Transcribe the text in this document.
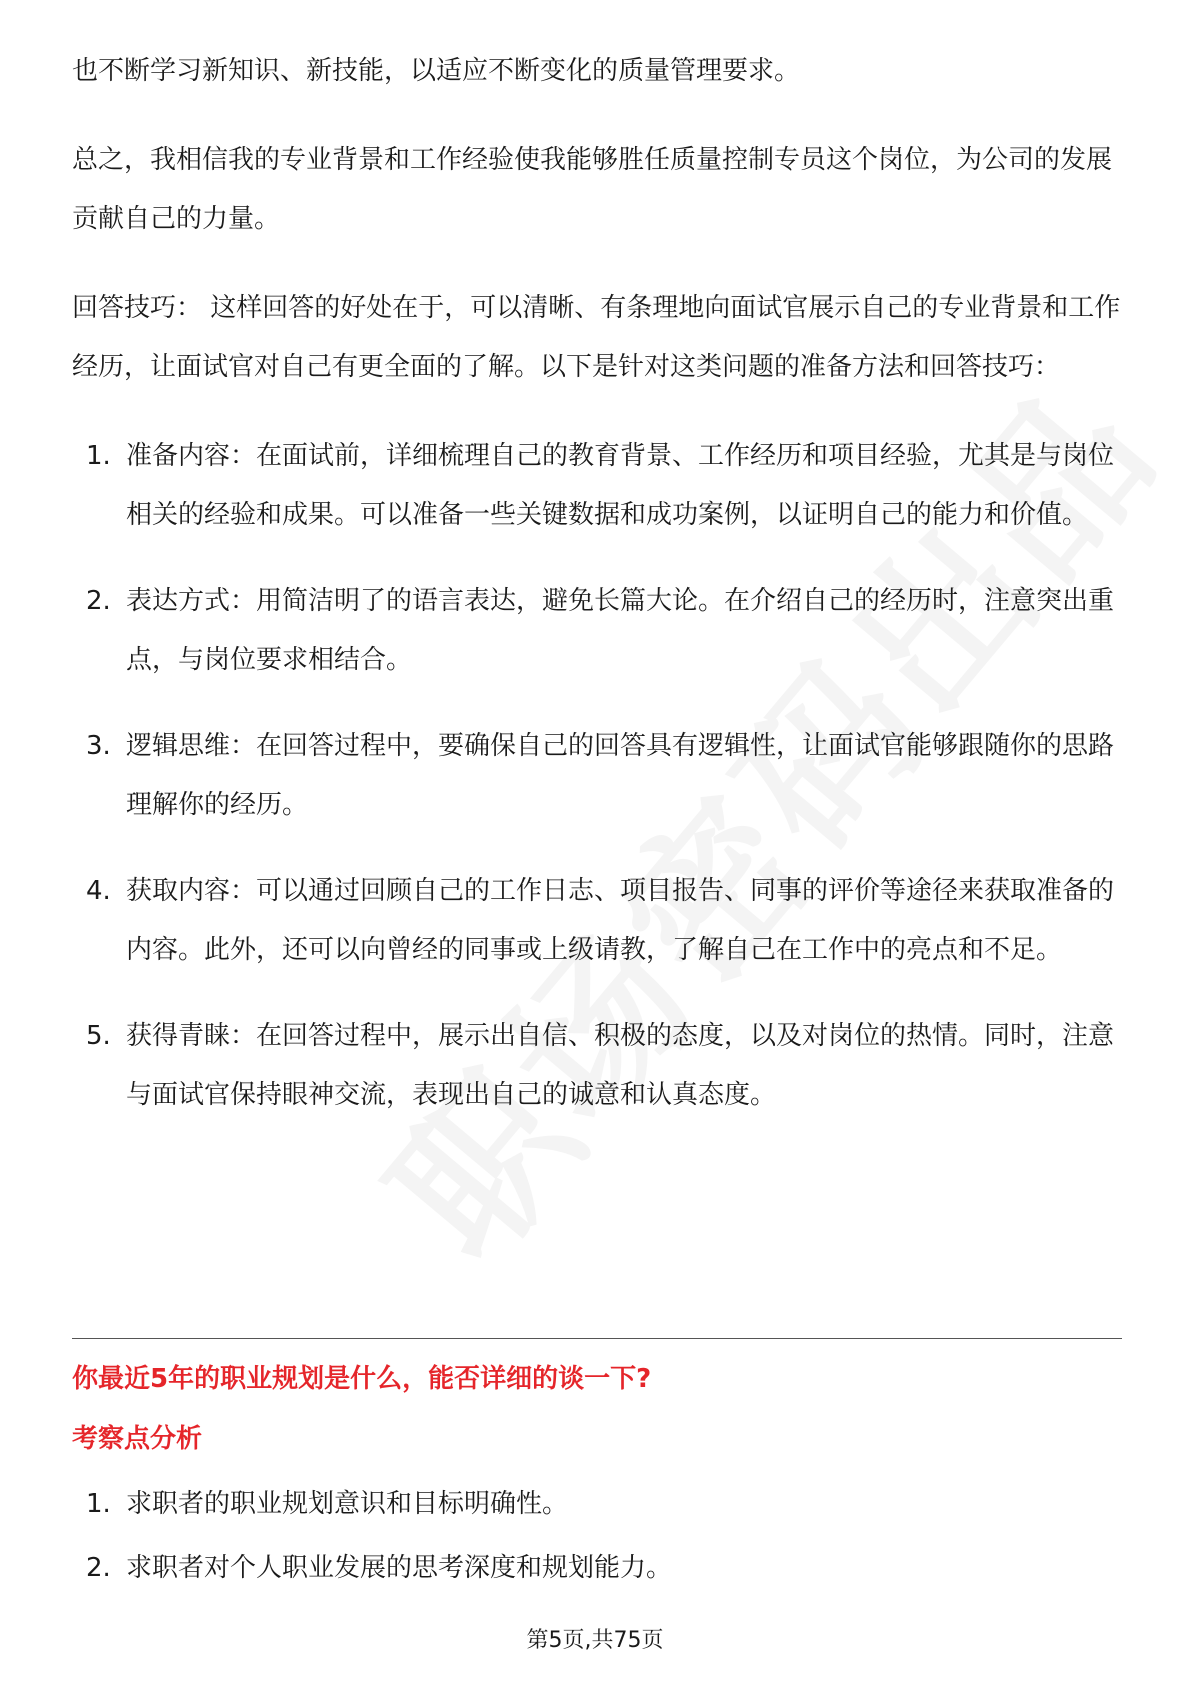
也不断学习新知识、新技能，以适应不断变化的质量管理要求。

总之，我相信我的专业背景和工作经验使我能够胜任质量控制专员这个岗位，为公司的发展贡献自己的力量。

回答技巧： 这样回答的好处在于，可以清晰、有条理地向面试官展示自己的专业背景和工作经历，让面试官对自己有更全面的了解。以下是针对这类问题的准备方法和回答技巧：

1. 准备内容：在面试前，详细梳理自己的教育背景、工作经历和项目经验，尤其是与岗位相关的经验和成果。可以准备一些关键数据和成功案例，以证明自己的能力和价值。
2. 表达方式：用简洁明了的语言表达，避免长篇大论。在介绍自己的经历时，注意突出重点，与岗位要求相结合。
3. 逻辑思维：在回答过程中，要确保自己的回答具有逻辑性，让面试官能够跟随你的思路理解你的经历。
4. 获取内容：可以通过回顾自己的工作日志、项目报告、同事的评价等途径来获取准备的内容。此外，还可以向曾经的同事或上级请教，了解自己在工作中的亮点和不足。
5. 获得青睐：在回答过程中，展示出自信、积极的态度，以及对岗位的热情。同时，注意与面试官保持眼神交流，表现出自己的诚意和认真态度。
你最近5年的职业规划是什么，能否详细的谈一下?
考察点分析
1. 求职者的职业规划意识和目标明确性。
2. 求职者对个人职业发展的思考深度和规划能力。
第5页,共75页
